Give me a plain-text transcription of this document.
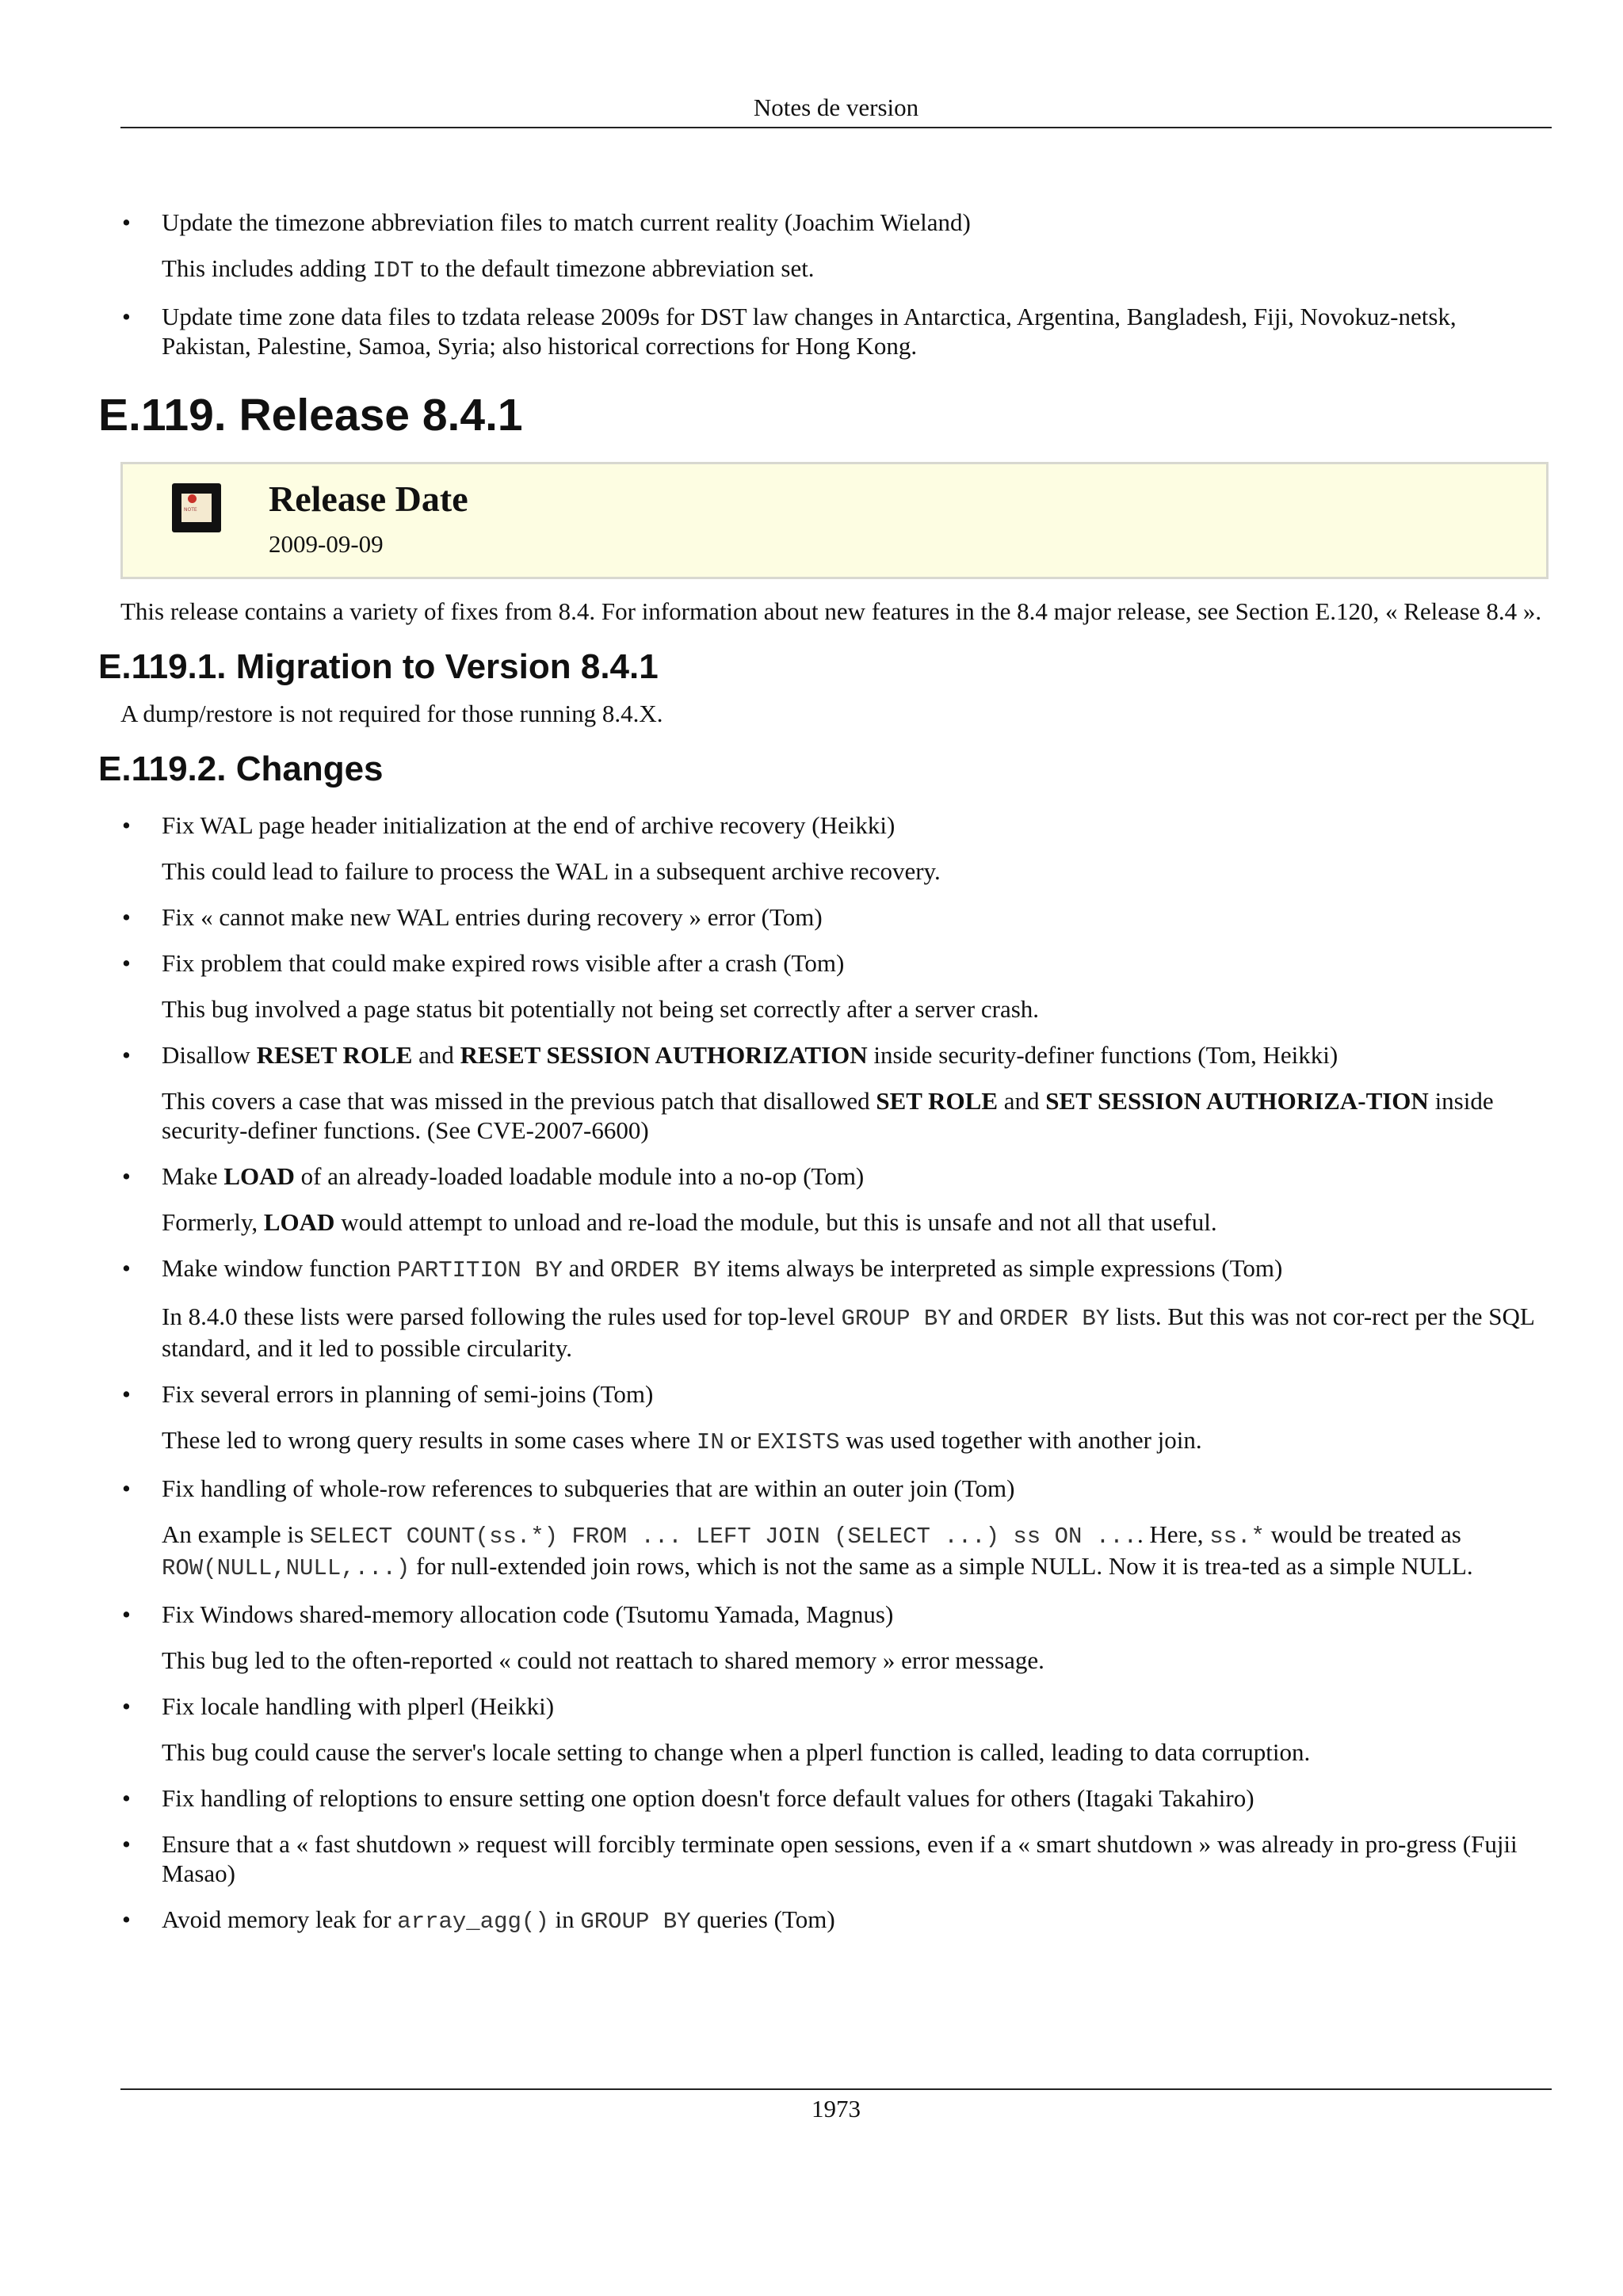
Notes de version
• Update the timezone abbreviation files to match current reality (Joachim Wieland)

This includes adding IDT to the default timezone abbreviation set.

• Update time zone data files to tzdata release 2009s for DST law changes in Antarctica, Argentina, Bangladesh, Fiji, Novokuz-netsk, Pakistan, Palestine, Samoa, Syria; also historical corrections for Hong Kong.

E.119. Release 8.4.1
NOTE Release Date
2009-09-09

This release contains a variety of fixes from 8.4. For information about new features in the 8.4 major release, see Section E.120, « Release 8.4 ».

E.119.1. Migration to Version 8.4.1

A dump/restore is not required for those running 8.4.X.

E.119.2. Changes
• Fix WAL page header initialization at the end of archive recovery (Heikki)

This could lead to failure to process the WAL in a subsequent archive recovery.

• Fix « cannot make new WAL entries during recovery » error (Tom)

• Fix problem that could make expired rows visible after a crash (Tom)

This bug involved a page status bit potentially not being set correctly after a server crash.

• Disallow RESET ROLE and RESET SESSION AUTHORIZATION inside security-definer functions (Tom, Heikki)

This covers a case that was missed in the previous patch that disallowed SET ROLE and SET SESSION AUTHORIZA-TION inside security-definer functions. (See CVE-2007-6600)

• Make LOAD of an already-loaded loadable module into a no-op (Tom)

Formerly, LOAD would attempt to unload and re-load the module, but this is unsafe and not all that useful.

• Make window function PARTITION BY and ORDER BY items always be interpreted as simple expressions (Tom)

In 8.4.0 these lists were parsed following the rules used for top-level GROUP BY and ORDER BY lists. But this was not cor-rect per the SQL standard, and it led to possible circularity.

• Fix several errors in planning of semi-joins (Tom)

These led to wrong query results in some cases where IN or EXISTS was used together with another join.

• Fix handling of whole-row references to subqueries that are within an outer join (Tom)

An example is SELECT COUNT(ss.*) FROM ... LEFT JOIN (SELECT ...) ss ON .... Here, ss.* would be treated as ROW(NULL,NULL,...) for null-extended join rows, which is not the same as a simple NULL. Now it is trea-ted as a simple NULL.

• Fix Windows shared-memory allocation code (Tsutomu Yamada, Magnus)

This bug led to the often-reported « could not reattach to shared memory » error message.

• Fix locale handling with plperl (Heikki)

This bug could cause the server's locale setting to change when a plperl function is called, leading to data corruption.

• Fix handling of reloptions to ensure setting one option doesn't force default values for others (Itagaki Takahiro)

• Ensure that a « fast shutdown » request will forcibly terminate open sessions, even if a « smart shutdown » was already in pro-gress (Fujii Masao)

• Avoid memory leak for array_agg() in GROUP BY queries (Tom)

1973
